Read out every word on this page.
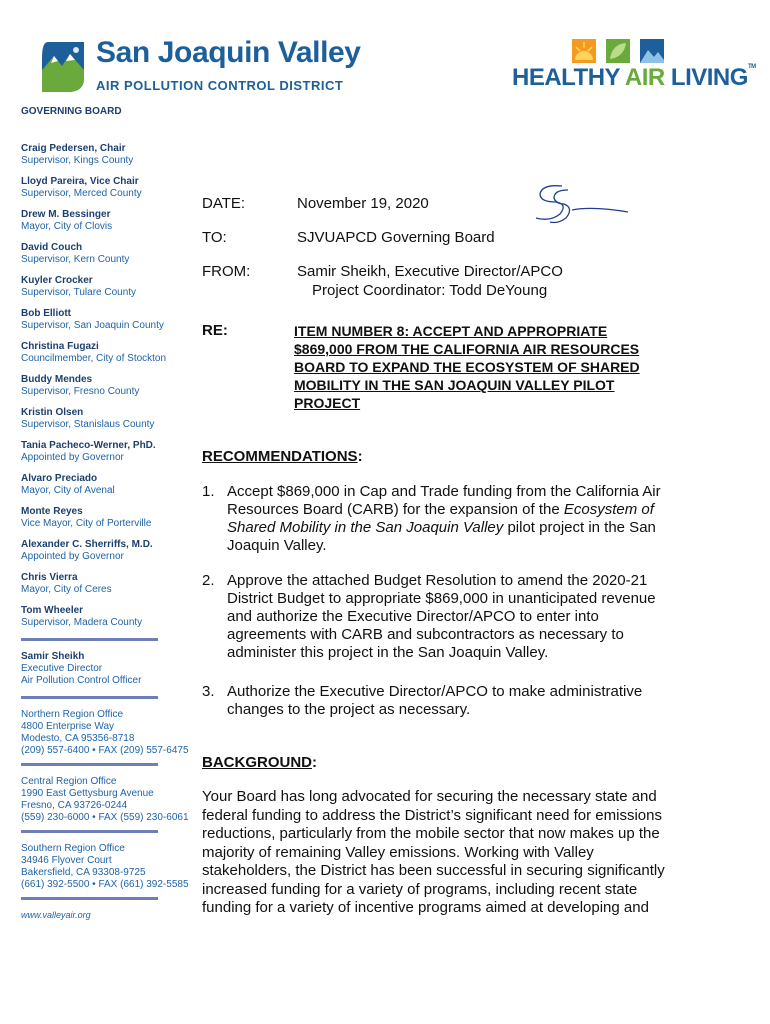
San Joaquin Valley
AIR POLLUTION CONTROL DISTRICT	HEALTHY AIR LIVING™
GOVERNING BOARD
Craig Pedersen, Chair
Supervisor, Kings County
Lloyd Pareira, Vice Chair
Supervisor, Merced County
Drew M. Bessinger
Mayor, City of Clovis
David Couch
Supervisor, Kern County
Kuyler Crocker
Supervisor, Tulare County
Bob Elliott
Supervisor, San Joaquin County
Christina Fugazi
Councilmember, City of Stockton
Buddy Mendes
Supervisor, Fresno County
Kristin Olsen
Supervisor, Stanislaus County
Tania Pacheco-Werner, PhD.
Appointed by Governor
Alvaro Preciado
Mayor, City of Avenal
Monte Reyes
Vice Mayor, City of Porterville
Alexander C. Sherriffs, M.D.
Appointed by Governor
Chris Vierra
Mayor, City of Ceres
Tom Wheeler
Supervisor, Madera County
Samir Sheikh
Executive Director
Air Pollution Control Officer
Northern Region Office
4800 Enterprise Way
Modesto, CA 95356-8718
(209) 557-6400 • FAX (209) 557-6475
Central Region Office
1990 East Gettysburg Avenue
Fresno, CA 93726-0244
(559) 230-6000 • FAX (559) 230-6061
Southern Region Office
34946 Flyover Court
Bakersfield, CA 93308-9725
(661) 392-5500 • FAX (661) 392-5585
www.valleyair.org
DATE:	November 19, 2020
TO:	SJVUAPCD Governing Board
FROM:	Samir Sheikh, Executive Director/APCO
Project Coordinator: Todd DeYoung
RE:	ITEM NUMBER 8: ACCEPT AND APPROPRIATE $869,000 FROM THE CALIFORNIA AIR RESOURCES BOARD TO EXPAND THE ECOSYSTEM OF SHARED MOBILITY IN THE SAN JOAQUIN VALLEY PILOT PROJECT
RECOMMENDATIONS:
1. Accept $869,000 in Cap and Trade funding from the California Air Resources Board (CARB) for the expansion of the Ecosystem of Shared Mobility in the San Joaquin Valley pilot project in the San Joaquin Valley.
2. Approve the attached Budget Resolution to amend the 2020-21 District Budget to appropriate $869,000 in unanticipated revenue and authorize the Executive Director/APCO to enter into agreements with CARB and subcontractors as necessary to administer this project in the San Joaquin Valley.
3. Authorize the Executive Director/APCO to make administrative changes to the project as necessary.
BACKGROUND:
Your Board has long advocated for securing the necessary state and federal funding to address the District’s significant need for emissions reductions, particularly from the mobile sector that now makes up the majority of remaining Valley emissions. Working with Valley stakeholders, the District has been successful in securing significantly increased funding for a variety of programs, including recent state funding for a variety of incentive programs aimed at developing and
